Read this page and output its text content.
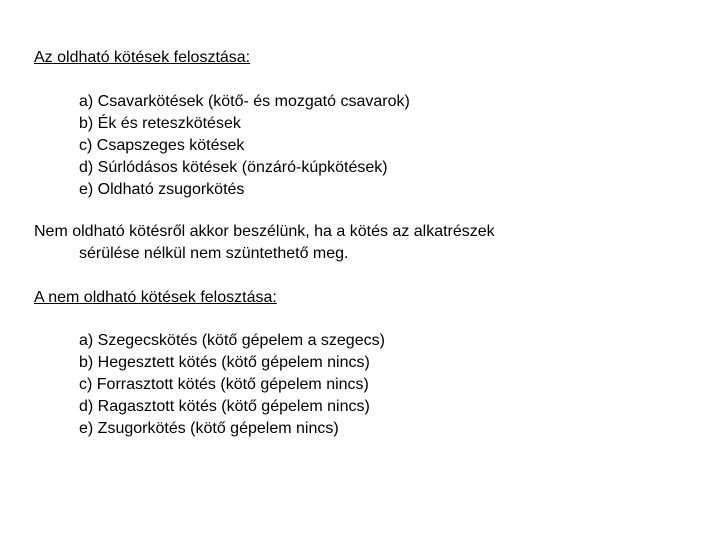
Az oldható kötések felosztása:
a) Csavarkötések (kötő- és mozgató csavarok)
b) Ék és reteszkötések
c) Csapszeges kötések
d) Súrlódásos kötések (önzáró-kúpkötések)
e) Oldható zsugorkötés
Nem oldható kötésről akkor beszélünk, ha a kötés az alkatrészek
sérülése nélkül nem szüntethető meg.
A nem oldható kötések felosztása:
a) Szegecskötés (kötő gépelem a szegecs)
b) Hegesztett kötés (kötő gépelem nincs)
c) Forrasztott kötés (kötő gépelem nincs)
d) Ragasztott kötés (kötő gépelem nincs)
e) Zsugorkötés (kötő gépelem nincs)
